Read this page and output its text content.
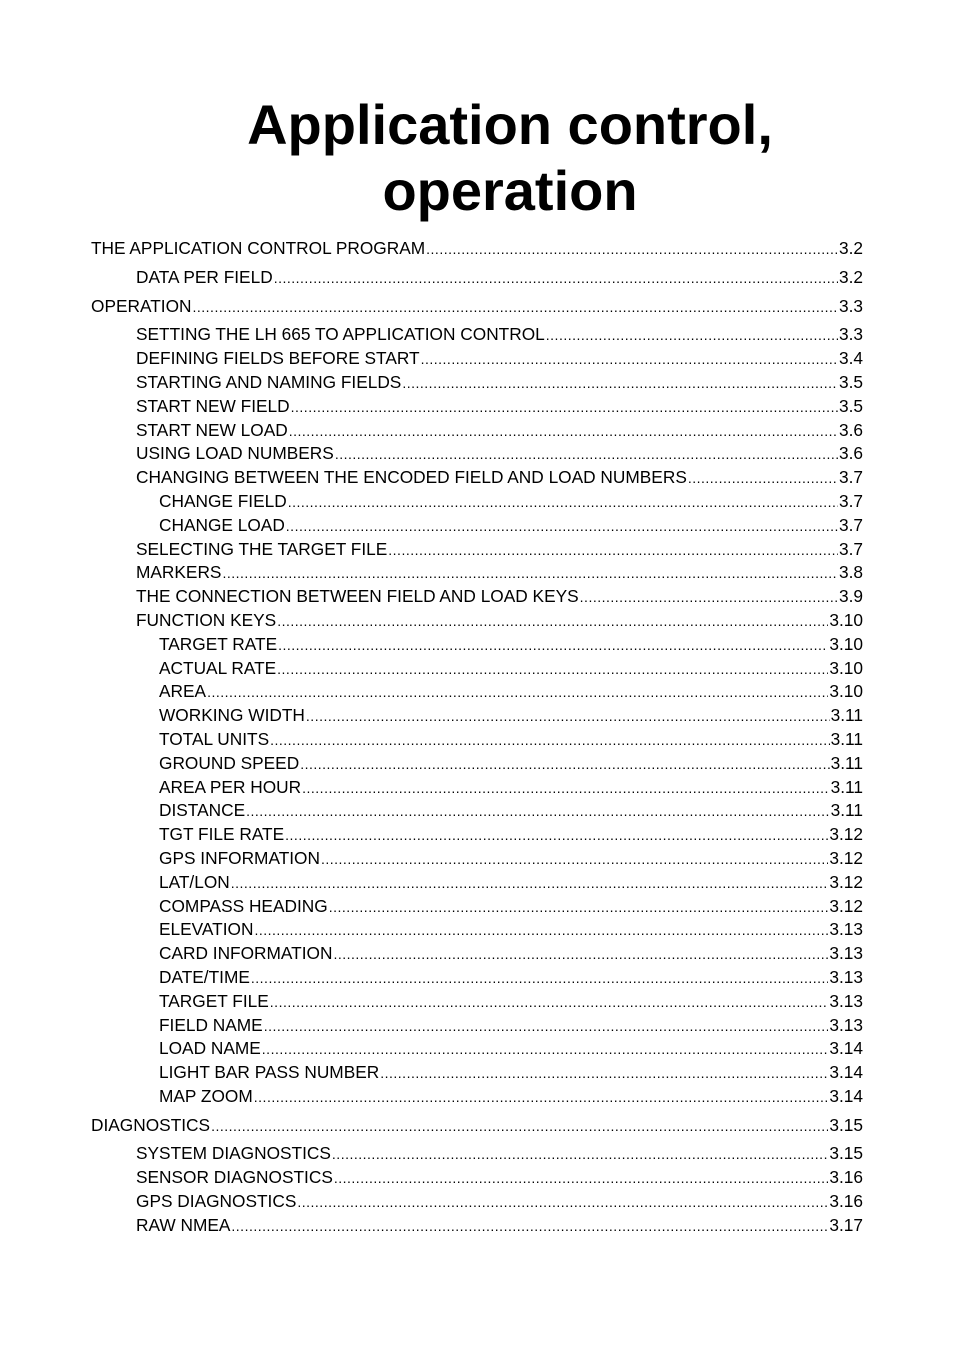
Application control,
operation
THE APPLICATION CONTROL PROGRAM .....	3.2
DATA PER FIELD .....	3.2
OPERATION .....	3.3
SETTING THE LH 665 TO APPLICATION CONTROL .....	3.3
DEFINING FIELDS BEFORE START .....	3.4
STARTING AND NAMING FIELDS .....	3.5
START NEW FIELD .....	3.5
START NEW LOAD .....	3.6
USING LOAD NUMBERS .....	3.6
CHANGING BETWEEN THE ENCODED FIELD AND LOAD NUMBERS .....	3.7
CHANGE FIELD .....	3.7
CHANGE LOAD .....	3.7
SELECTING THE TARGET FILE .....	3.7
MARKERS .....	3.8
THE CONNECTION BETWEEN FIELD AND LOAD KEYS .....	3.9
FUNCTION KEYS .....	3.10
TARGET RATE .....	3.10
ACTUAL RATE .....	3.10
AREA .....	3.10
WORKING WIDTH .....	3.11
TOTAL UNITS .....	3.11
GROUND SPEED .....	3.11
AREA PER HOUR .....	3.11
DISTANCE .....	3.11
TGT FILE RATE .....	3.12
GPS INFORMATION .....	3.12
LAT/LON .....	3.12
COMPASS HEADING .....	3.12
ELEVATION .....	3.13
CARD INFORMATION .....	3.13
DATE/TIME .....	3.13
TARGET FILE .....	3.13
FIELD NAME .....	3.13
LOAD NAME .....	3.14
LIGHT BAR PASS NUMBER .....	3.14
MAP ZOOM .....	3.14
DIAGNOSTICS .....	3.15
SYSTEM DIAGNOSTICS .....	3.15
SENSOR DIAGNOSTICS .....	3.16
GPS DIAGNOSTICS .....	3.16
RAW NMEA .....	3.17
